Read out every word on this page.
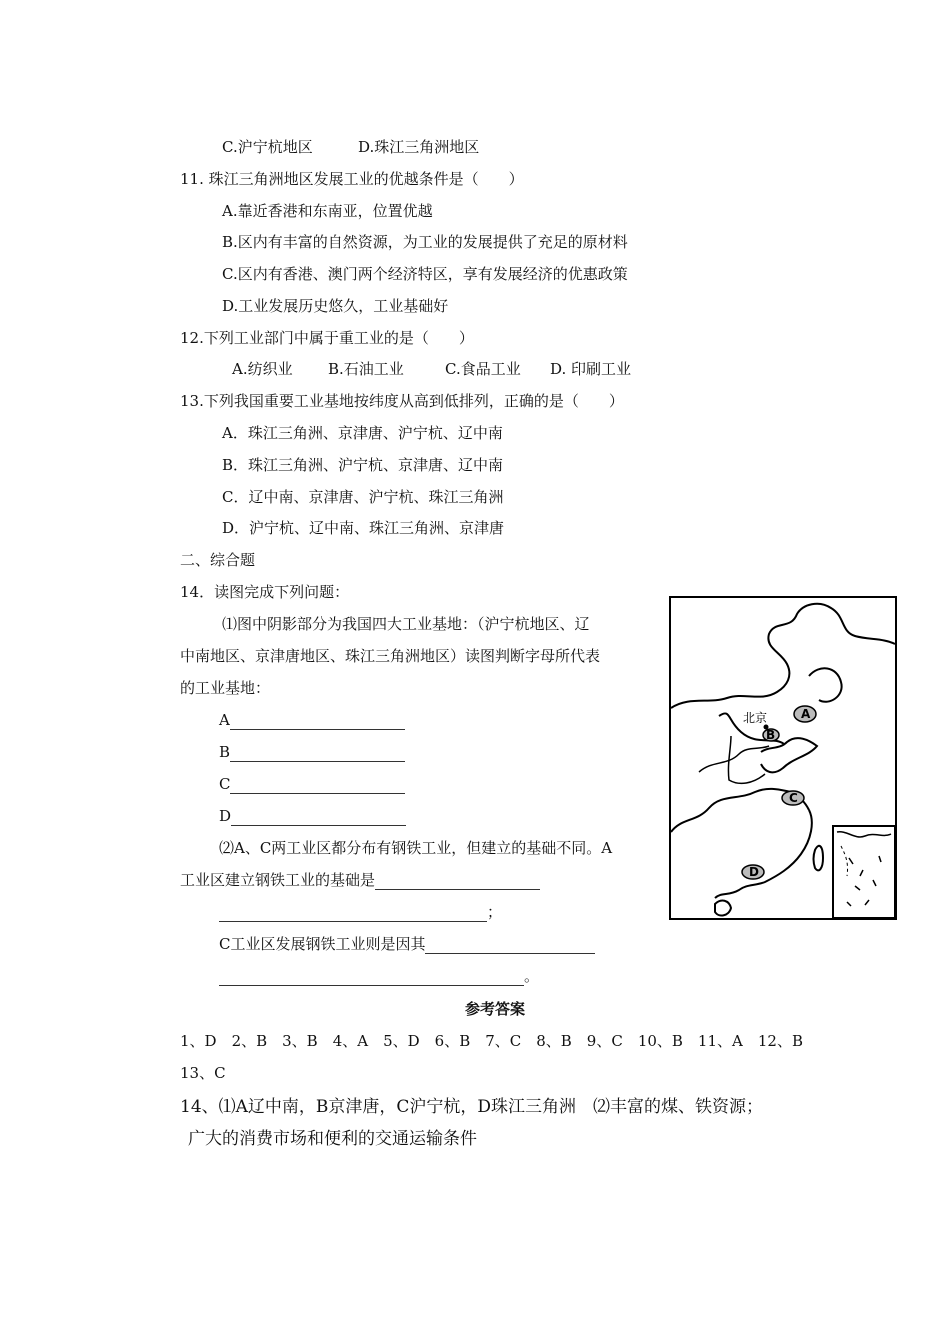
C.沪宁杭地区	D.珠江三角洲地区
11. 珠江三角洲地区发展工业的优越条件是（　　）
A.靠近香港和东南亚，位置优越
B.区内有丰富的自然资源，为工业的发展提供了充足的原材料
C.区内有香港、澳门两个经济特区，享有发展经济的优惠政策
D.工业发展历史悠久，工业基础好
12.下列工业部门中属于重工业的是（　　）
A.纺织业 B.石油工业	C.食品工业 D. 印刷工业
13.下列我国重要工业基地按纬度从高到低排列，正确的是（　　）
A．珠江三角洲、京津唐、沪宁杭、辽中南
B．珠江三角洲、沪宁杭、京津唐、辽中南
C．辽中南、京津唐、沪宁杭、珠江三角洲
D．沪宁杭、辽中南、珠江三角洲、京津唐
二、综合题
14．读图完成下列问题：
⑴图中阴影部分为我国四大工业基地：（沪宁杭地区、辽
中南地区、京津唐地区、珠江三角洲地区）读图判断字母所代表
的工业基地：
A
B
C
D
⑵A、C两工业区都分布有钢铁工业，但建立的基础不同。A
工业区建立钢铁工业的基础是
；
C工业区发展钢铁工业则是因其
。
北京	A
B
C
D
参考答案
1、D　2、B　3、B　4、A　5、D　6、B　7、C　8、B　9、C　10、B　11、A　12、B
13、C
14、⑴A辽中南，B京津唐，C沪宁杭，D珠江三角洲　⑵丰富的煤、铁资源；
广大的消费市场和便利的交通运输条件
